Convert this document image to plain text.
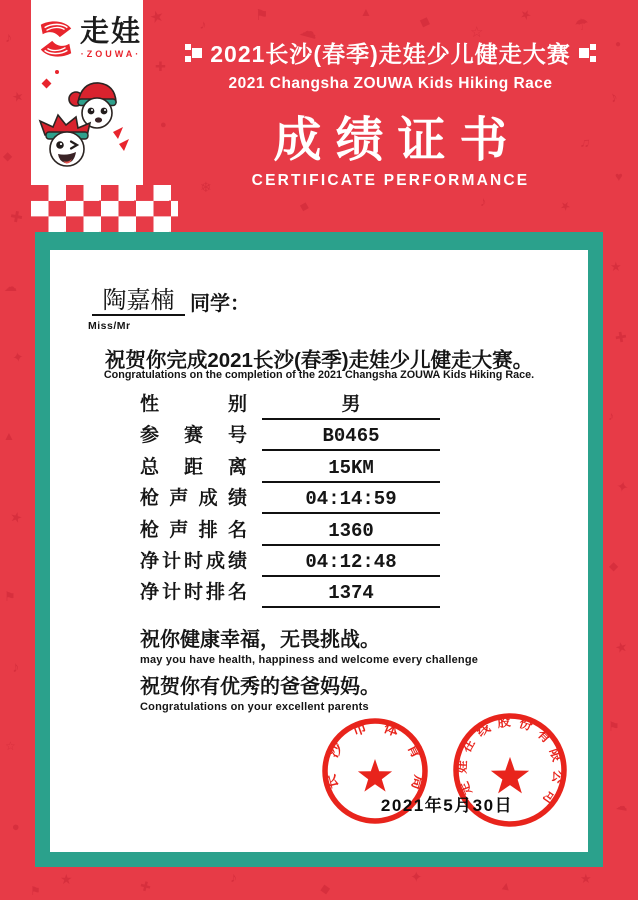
★	♪
⚑
☁
▲	◆
☆
★
☂
●
✚
♪
♫
♥
●
❄
★
♪
◆
♪
★
◆
✚
☁
✦
▲
★
⚑
♪
☆
●
★
✚
♪
✦
◆
★
⚑
☁
★	✚
♪
◆
✦	▲	★
⚑
走娃
·ZOUWA·	2021长沙(春季)走娃少儿健走大赛
2021 Changsha ZOUWA Kids Hiking Race
成绩证书
CERTIFICATE PERFORMANCE
陶嘉楠 同学：
Miss/Mr
祝贺你完成2021长沙(春季)走娃少儿健走大赛。
Congratulations on the completion of the 2021 Changsha ZOUWA Kids Hiking Race.
性别	男
参赛号	B0465
总距离	15KM
枪声成绩	04:14:59
枪声排名	1360
净计时成绩	04:12:48
净计时排名	1374
祝你健康幸福，无畏挑战。
may you have health, happiness and welcome every challenge
祝贺你有优秀的爸爸妈妈。
Congratulations on your excellent parents
长沙市体育局 走娃在线股份有限公司
2021年5月30日
